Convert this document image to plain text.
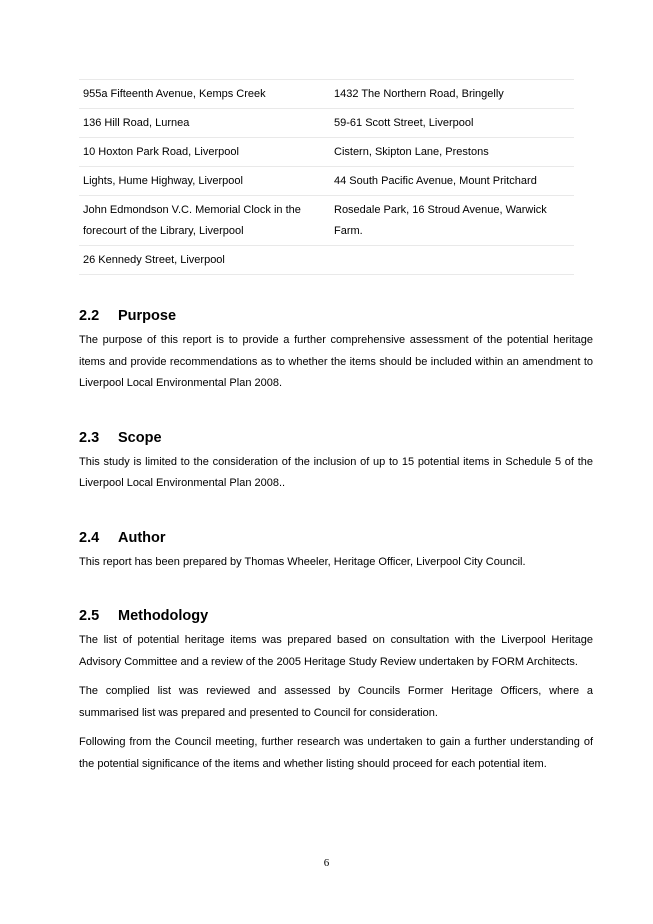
955a Fifteenth Avenue, Kemps Creek	1432 The Northern Road, Bringelly
136 Hill Road, Lurnea	59-61 Scott Street, Liverpool
10 Hoxton Park Road, Liverpool	Cistern, Skipton Lane, Prestons
Lights, Hume Highway, Liverpool	44 South Pacific Avenue, Mount Pritchard
John Edmondson V.C. Memorial Clock in the forecourt of the Library, Liverpool	Rosedale Park, 16 Stroud Avenue, Warwick Farm.
26 Kennedy Street, Liverpool	
2.2 Purpose

The purpose of this report is to provide a further comprehensive assessment of the potential heritage items and provide recommendations as to whether the items should be included within an amendment to Liverpool Local Environmental Plan 2008.

2.3 Scope

This study is limited to the consideration of the inclusion of up to 15 potential items in Schedule 5 of the Liverpool Local Environmental Plan 2008..

2.4 Author

This report has been prepared by Thomas Wheeler, Heritage Officer, Liverpool City Council.

2.5 Methodology

The list of potential heritage items was prepared based on consultation with the Liverpool Heritage Advisory Committee and a review of the 2005 Heritage Study Review undertaken by FORM Architects.

The complied list was reviewed and assessed by Councils Former Heritage Officers, where a summarised list was prepared and presented to Council for consideration.

Following from the Council meeting, further research was undertaken to gain a further understanding of the potential significance of the items and whether listing should proceed for each potential item.

6
